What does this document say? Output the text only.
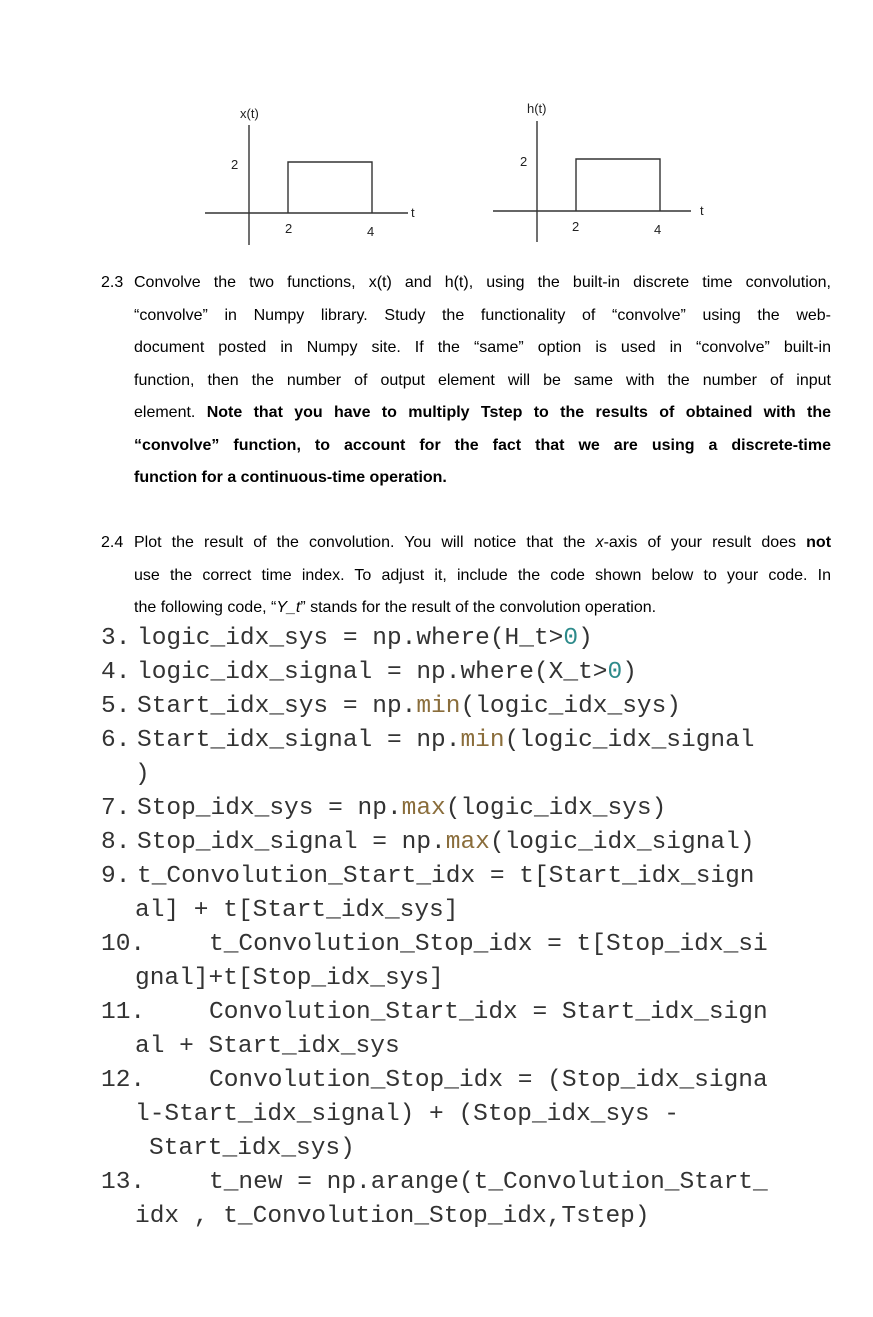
x(t)
t
2
2	4
h(t)
t
2
2	4
2.3 Convolve the two functions, x(t) and h(t), using the built-in discrete time convolution,
“convolve” in Numpy library. Study the functionality of “convolve” using the web-
document posted in Numpy site. If the “same” option is used in “convolve” built-in
function, then the number of output element will be same with the number of input
element. Note that you have to multiply Tstep to the results of obtained with the
“convolve” function, to account for the fact that we are using a discrete-time
function for a continuous-time operation.
2.4 Plot the result of the convolution. You will notice that the x-axis of your result does not
use the correct time index. To adjust it, include the code shown below to your code. In
the following code, “Y_t” stands for the result of the convolution operation.

3.

logic_idx_sys = np.where(H_t>0)

4.

logic_idx_signal = np.where(X_t>0)

5.

Start_idx_sys = np.min(logic_idx_sys)

6.

Start_idx_signal = np.min(logic_idx_signal

)

7.

Stop_idx_sys = np.max(logic_idx_sys)

8.

Stop_idx_signal = np.max(logic_idx_signal)

9.

t_Convolution_Start_idx = t[Start_idx_sign

al] + t[Start_idx_sys]

10.

	t_Convolution_Stop_idx = t[Stop_idx_si

gnal]+t[Stop_idx_sys]

11.

	Convolution_Start_idx = Start_idx_sign

al + Start_idx_sys

12.

	Convolution_Stop_idx = (Stop_idx_signa

l-Start_idx_signal) + (Stop_idx_sys -

Start_idx_sys)

13.

	t_new = np.arange(t_Convolution_Start_

idx , t_Convolution_Stop_idx,Tstep)
